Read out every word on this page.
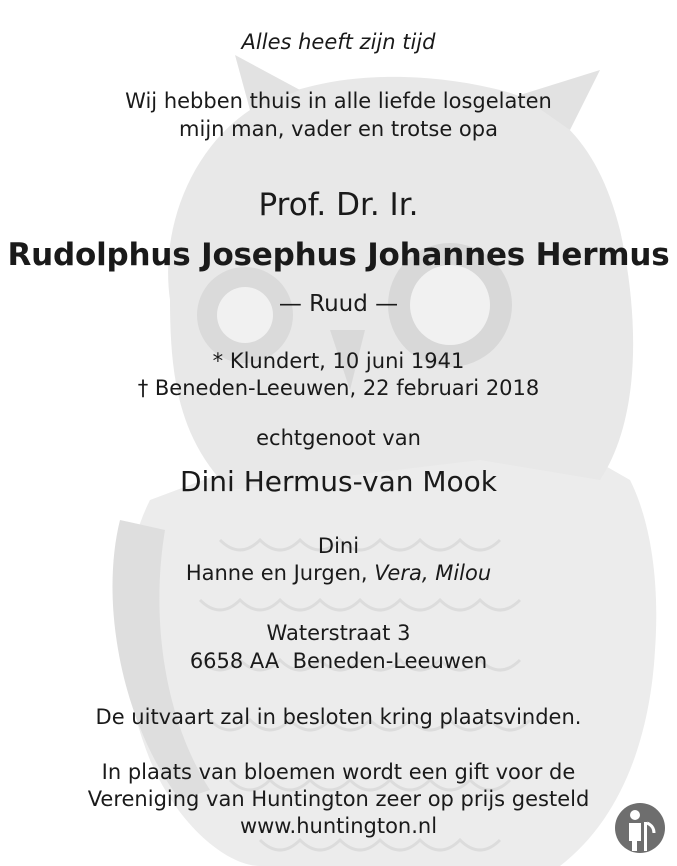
Alles heeft zijn tijd
Wij hebben thuis in alle liefde losgelaten
mijn man, vader en trotse opa
Prof. Dr. Ir.
Rudolphus Josephus Johannes Hermus
— Ruud —
* Klundert, 10 juni 1941
† Beneden-Leeuwen, 22 februari 2018
echtgenoot van
Dini Hermus-van Mook
Dini
Hanne en Jurgen, Vera, Milou
Waterstraat 3
6658 AA Beneden-Leeuwen
De uitvaart zal in besloten kring plaatsvinden.
In plaats van bloemen wordt een gift voor de
Vereniging van Huntington zeer op prijs gesteld
www.huntington.nl
